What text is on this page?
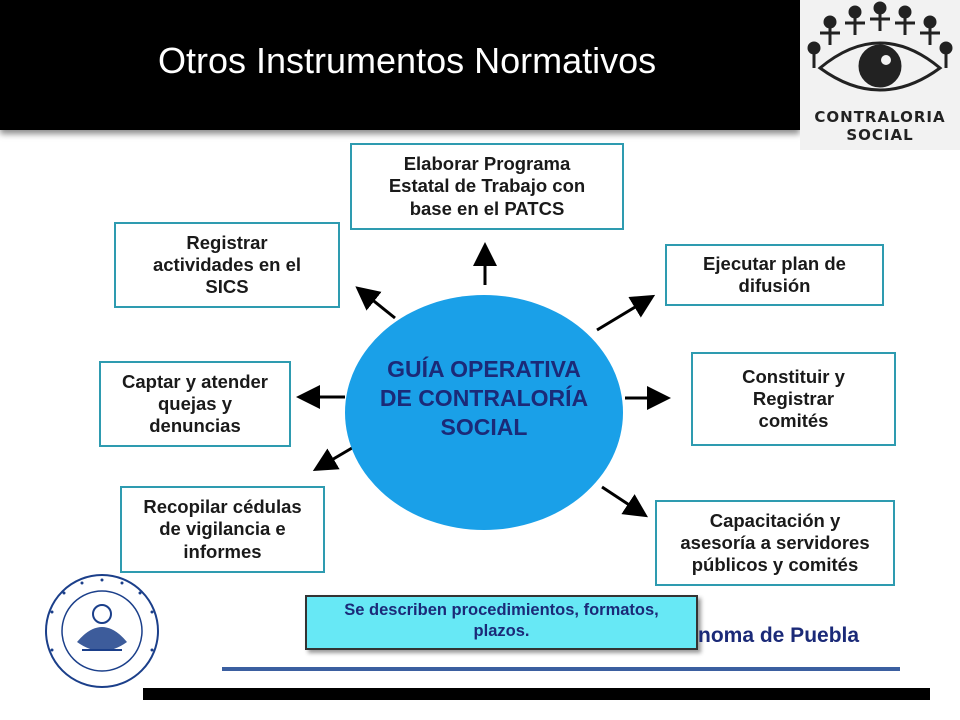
Otros Instrumentos Normativos
CONTRALORIA
SOCIAL
GUÍA OPERATIVA
DE CONTRALORÍA
SOCIAL
Elaborar Programa
Estatal de Trabajo con
base en el PATCS
Registrar
actividades en el
SICS
Ejecutar plan de
difusión
Captar y atender
quejas y
denuncias
Constituir y
Registrar
comités
Recopilar cédulas
de vigilancia e
informes
Capacitación y
asesoría a servidores
públicos y comités
Se describen procedimientos, formatos,
plazos.	noma de Puebla
